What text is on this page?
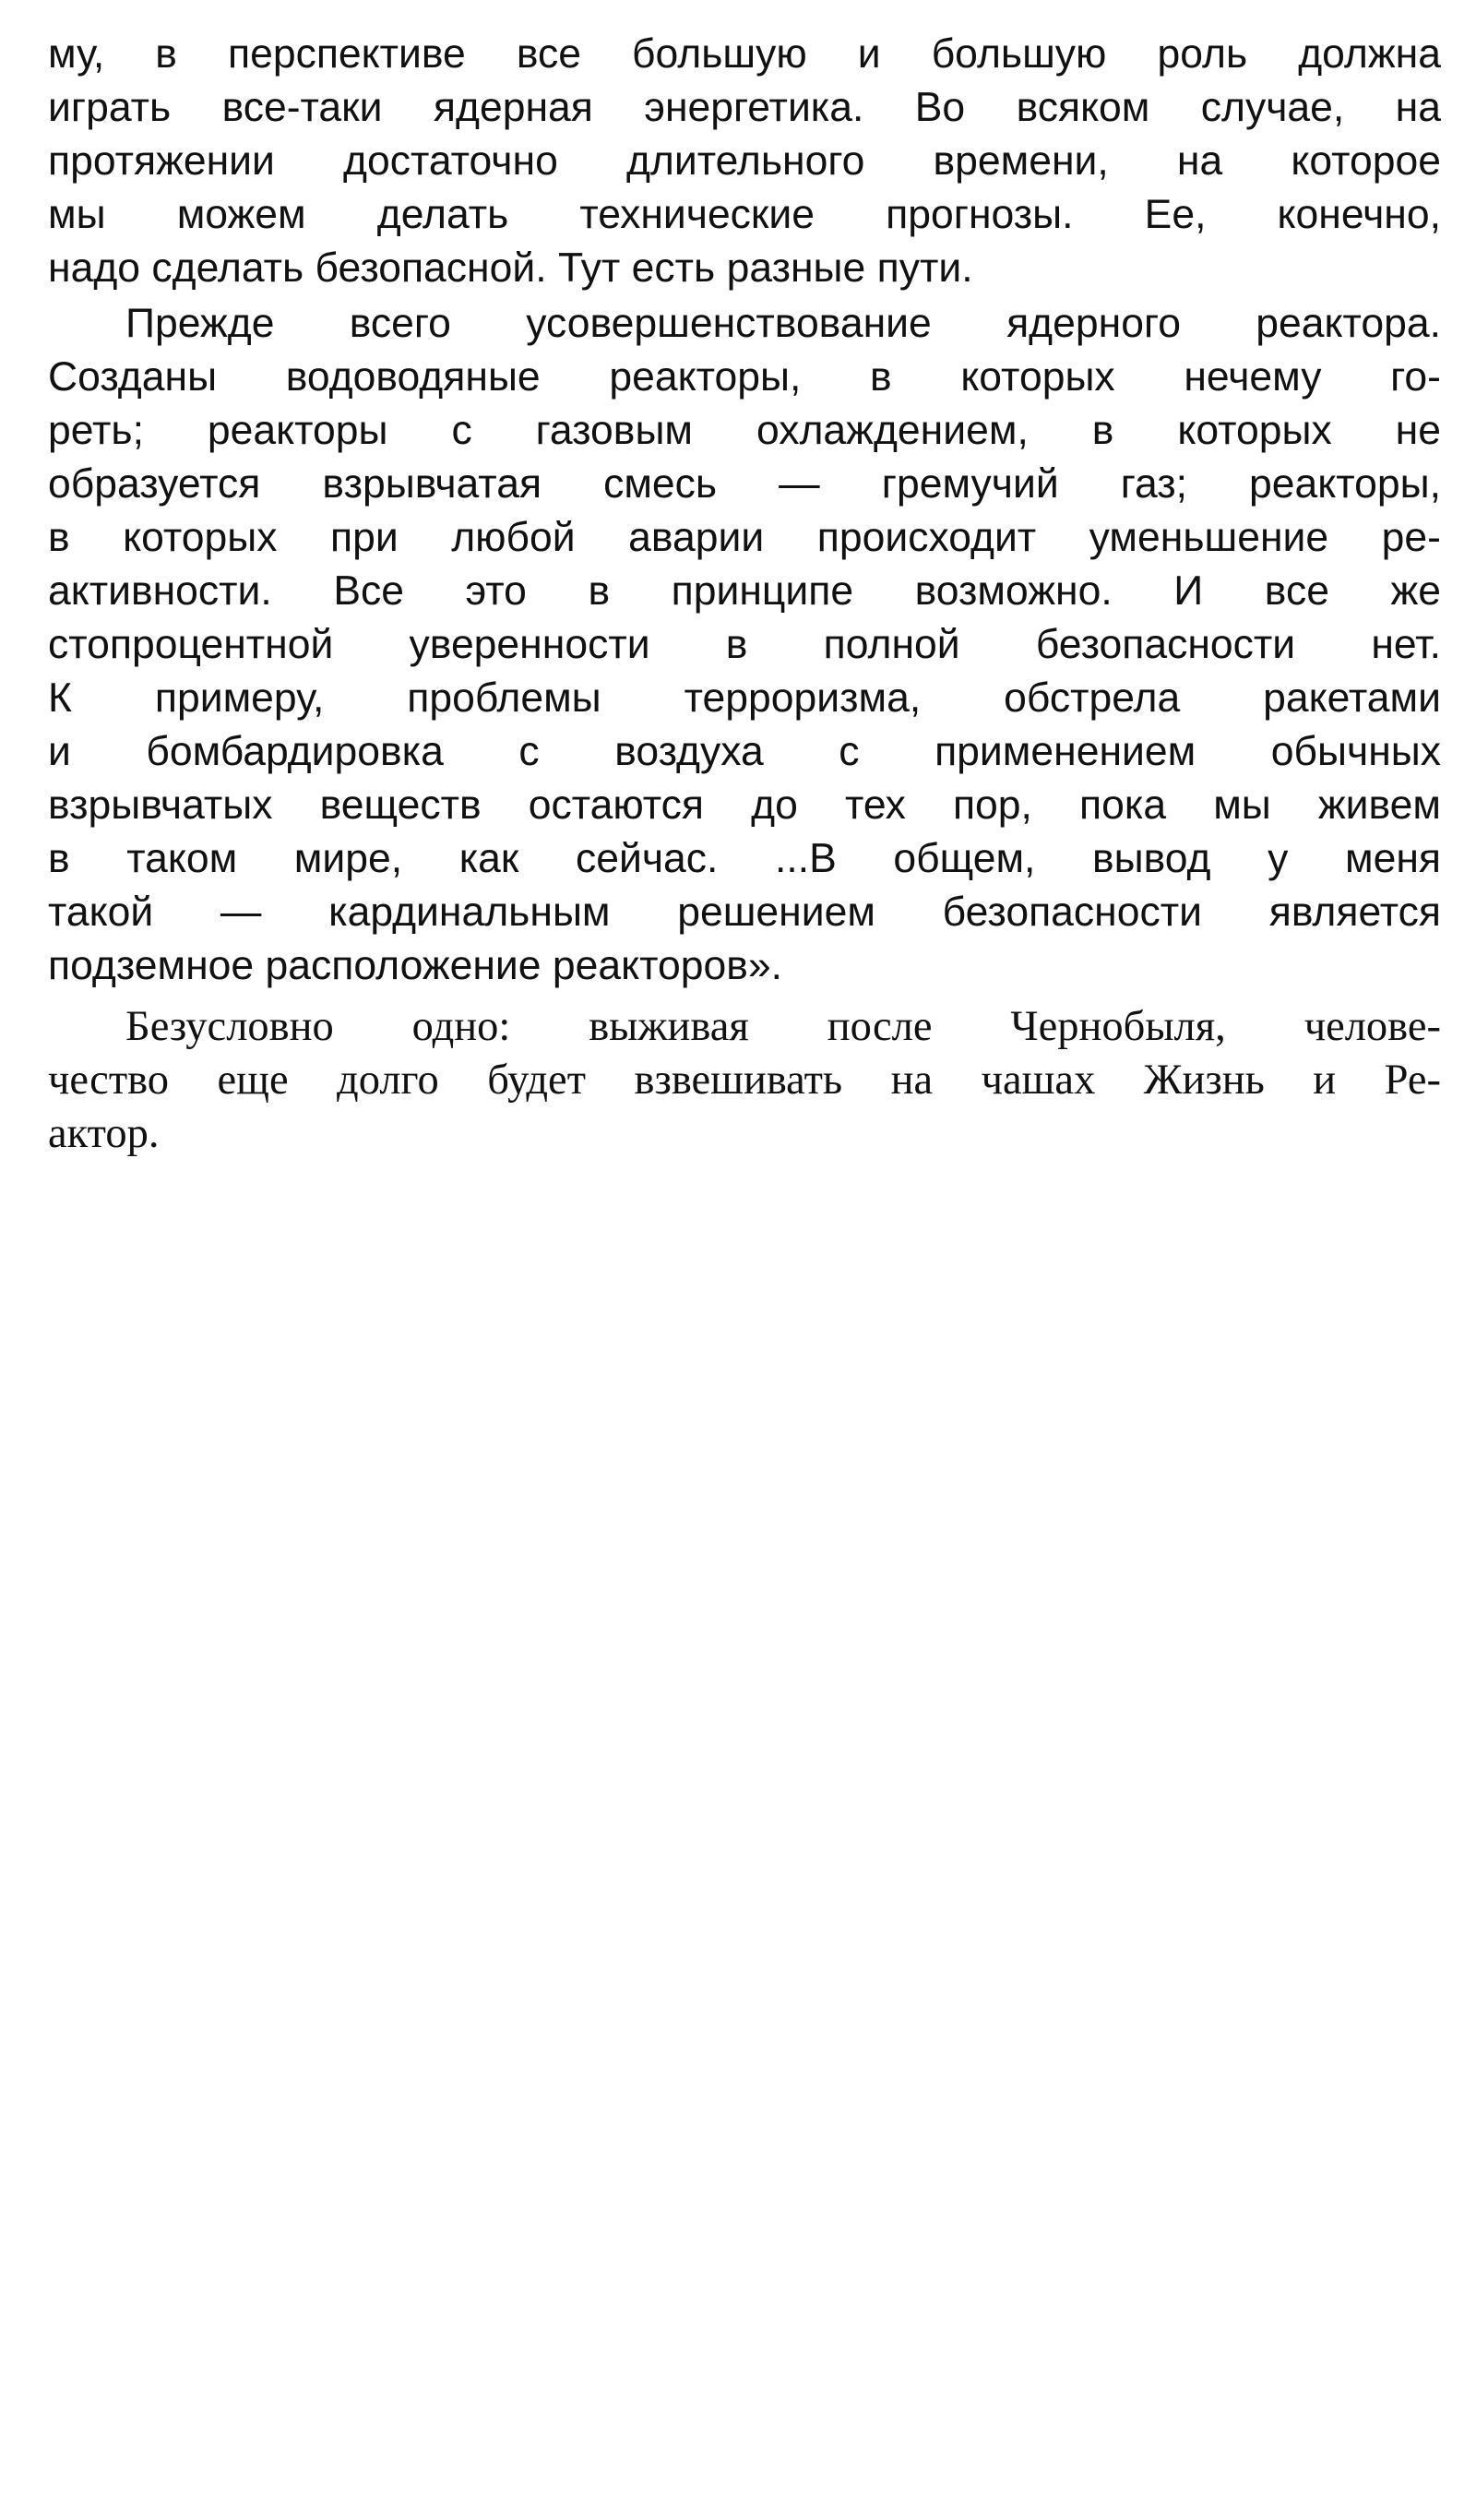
му, в перспективе все большую и большую роль должна
играть все-таки ядерная энергетика. Во всяком случае, на
протяжении достаточно длительного времени, на которое
мы можем делать технические прогнозы. Ее, конечно,
надо сделать безопасной. Тут есть разные пути.
Прежде всего усовершенствование ядерного реактора.
Созданы водоводяные реакторы, в которых нечему го-
реть; реакторы с газовым охлаждением, в которых не
образуется взрывчатая смесь — гремучий газ; реакторы,
в которых при любой аварии происходит уменьшение ре-
активности. Все это в принципе возможно. И все же
стопроцентной уверенности в полной безопасности нет.
К примеру, проблемы терроризма, обстрела ракетами
и бомбардировка с воздуха с применением обычных
взрывчатых веществ остаются до тех пор, пока мы живем
в таком мире, как сейчас. ...В общем, вывод у меня
такой — кардинальным решением безопасности является
подземное расположение реакторов».
Безусловно одно: выживая после Чернобыля, челове-
чество еще долго будет взвешивать на чашах Жизнь и Ре-
актор.
